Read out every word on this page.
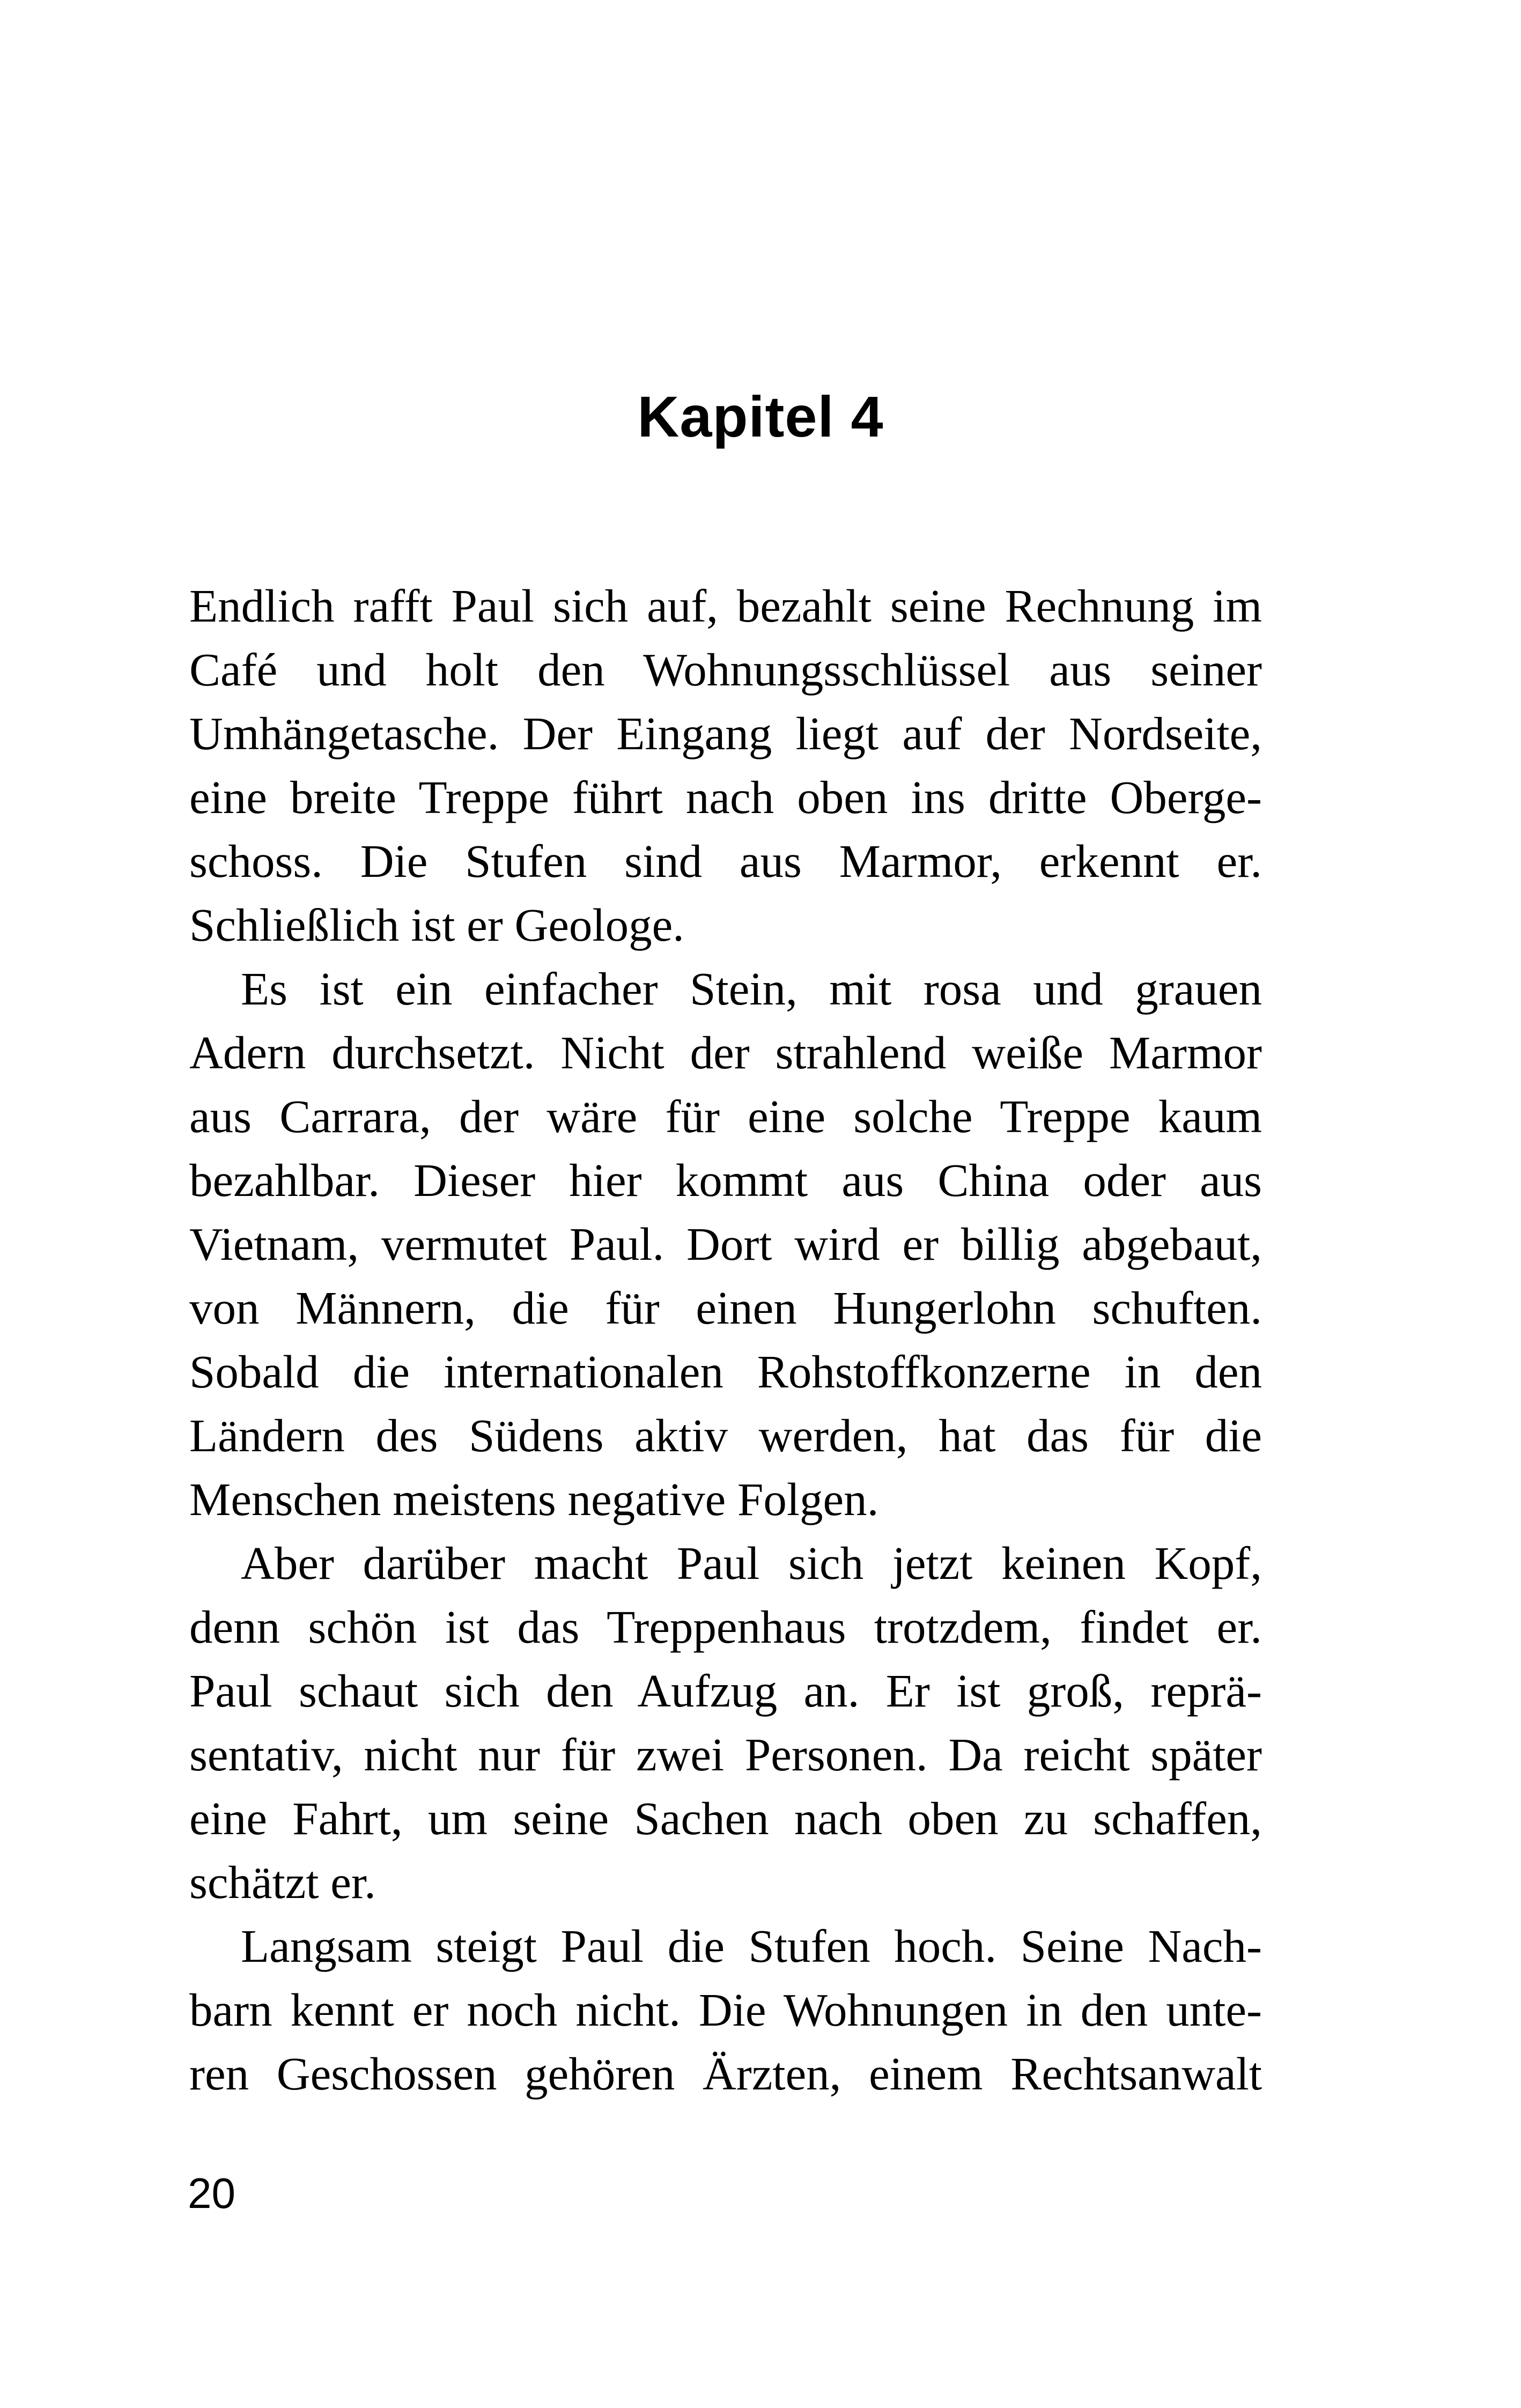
Kapitel 4
Endlich rafft Paul sich auf, bezahlt seine Rechnung im
Café und holt den Wohnungsschlüssel aus seiner
Umhängetasche. Der Eingang liegt auf der Nordseite,
eine breite Treppe führt nach oben ins dritte Oberge-
schoss. Die Stufen sind aus Marmor, erkennt er.
Schließlich ist er Geologe.
Es ist ein einfacher Stein, mit rosa und grauen
Adern durchsetzt. Nicht der strahlend weiße Marmor
aus Carrara, der wäre für eine solche Treppe kaum
bezahlbar. Dieser hier kommt aus China oder aus
Vietnam, vermutet Paul. Dort wird er billig abgebaut,
von Männern, die für einen Hungerlohn schuften.
Sobald die internationalen Rohstoffkonzerne in den
Ländern des Südens aktiv werden, hat das für die
Menschen meistens negative Folgen.
Aber darüber macht Paul sich jetzt keinen Kopf,
denn schön ist das Treppenhaus trotzdem, findet er.
Paul schaut sich den Aufzug an. Er ist groß, reprä-
sentativ, nicht nur für zwei Personen. Da reicht später
eine Fahrt, um seine Sachen nach oben zu schaffen,
schätzt er.
Langsam steigt Paul die Stufen hoch. Seine Nach-
barn kennt er noch nicht. Die Wohnungen in den unte-
ren Geschossen gehören Ärzten, einem Rechtsanwalt
20
